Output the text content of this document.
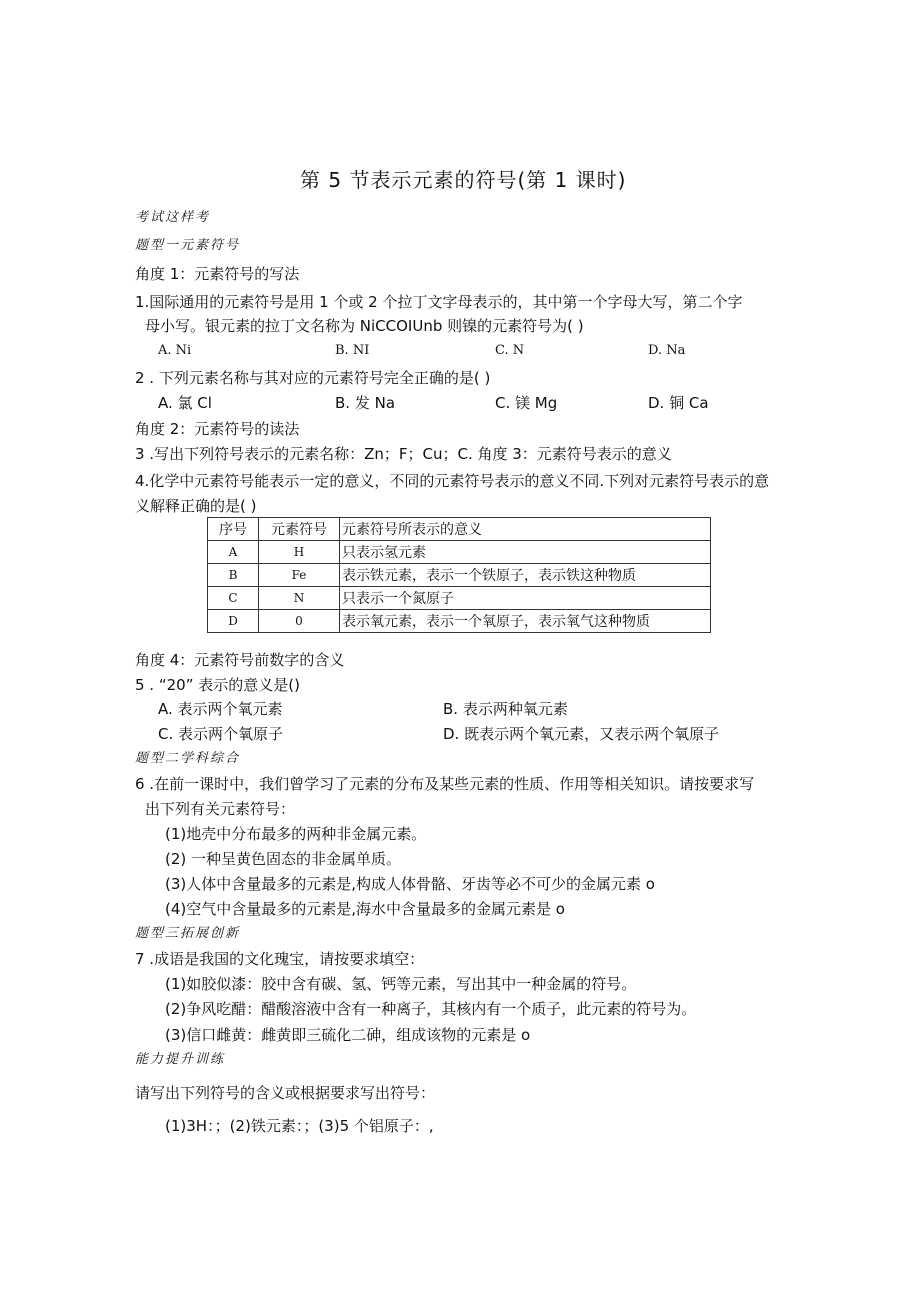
第 5 节表示元素的符号(第 1 课时)
考试这样考
题型一元素符号
角度 1：元素符号的写法
1.国际通用的元素符号是用 1 个或 2 个拉丁文字母表示的，其中第一个字母大写，第二个字
母小写。银元素的拉丁文名称为 NiCCOIUnb 则镍的元素符号为( )
A. Ni	B. NI	C. N	D. Na
2 . 下列元素名称与其对应的元素符号完全正确的是( )
A. 氯 Cl	B. 发 Na	C. 镁 Mg	D. 铜 Ca
角度 2：元素符号的读法
3 .写出下列符号表示的元素名称：Zn；F；Cu；C. 角度 3：元素符号表示的意义
4.化学中元素符号能表示一定的意义，不同的元素符号表示的意义不同.下列对元素符号表示的意
义解释正确的是( )
序号	元素符号	元素符号所表示的意义
A	H	只表示氢元素
B	Fe	表示铁元素，表示一个铁原子，表示铁这种物质
C	N	只表示一个氮原子
D	0	表示氧元素，表示一个氧原子，表示氧气这种物质
角度 4：元素符号前数字的含义
5 . “20” 表示的意义是()
A. 表示两个氧元素	B. 表示两种氧元素
C. 表示两个氧原子	D. 既表示两个氧元素，又表示两个氧原子
题型二学科综合
6 .在前一课时中，我们曾学习了元素的分布及某些元素的性质、作用等相关知识。请按要求写
出下列有关元素符号：
(1)地壳中分布最多的两种非金属元素。
(2) 一种呈黄色固态的非金属单质。
(3)人体中含量最多的元素是,构成人体骨骼、牙齿等必不可少的金属元素 o
(4)空气中含量最多的元素是,海水中含量最多的金属元素是 o
题型三拓展创新
7 .成语是我国的文化瑰宝，请按要求填空：
(1)如胶似漆：胶中含有碳、氢、钙等元素，写出其中一种金属的符号。
(2)争风吃醋：醋酸溶液中含有一种离子，其核内有一个质子，此元素的符号为。
(3)信口雌黄：雌黄即三硫化二砷，组成该物的元素是 o
能力提升训练
请写出下列符号的含义或根据要求写出符号：
(1)3H：；(2)铁元素：；(3)5 个铝原子：,
